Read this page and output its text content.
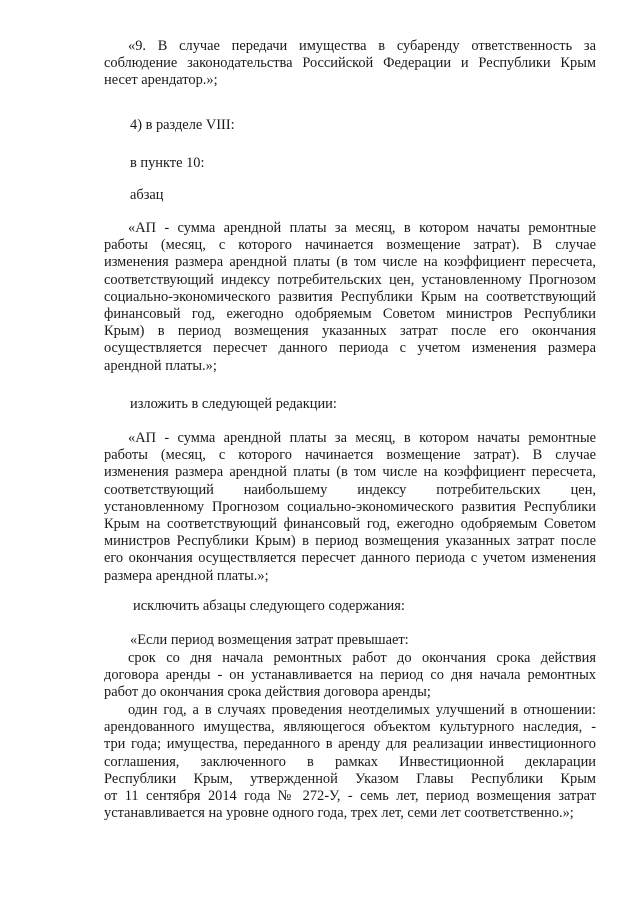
«9. В случае передачи имущества в субаренду ответственность за
соблюдение законодательства Российской Федерации и Республики Крым
несет арендатор.»;
4) в разделе VIII:
в пункте 10:
абзац
«АП - сумма арендной платы за месяц, в котором начаты ремонтные
работы (месяц, с которого начинается возмещение затрат). В случае
изменения размера арендной платы (в том числе на коэффициент пересчета,
соответствующий индексу потребительских цен, установленному Прогнозом
социально-экономического развития Республики Крым на соответствующий
финансовый год, ежегодно одобряемым Советом министров Республики
Крым) в период возмещения указанных затрат после его окончания
осуществляется пересчет данного периода с учетом изменения размера
арендной платы.»;
изложить в следующей редакции:
«АП - сумма арендной платы за месяц, в котором начаты ремонтные
работы (месяц, с которого начинается возмещение затрат). В случае
изменения размера арендной платы (в том числе на коэффициент пересчета,
соответствующий наибольшему индексу потребительских цен,
установленному Прогнозом социально-экономического развития Республики
Крым на соответствующий финансовый год, ежегодно одобряемым Советом
министров Республики Крым) в период возмещения указанных затрат после
его окончания осуществляется пересчет данного периода с учетом изменения
размера арендной платы.»;
исключить абзацы следующего содержания:
«Если период возмещения затрат превышает:
срок со дня начала ремонтных работ до окончания срока действия
договора аренды - он устанавливается на период со дня начала ремонтных
работ до окончания срока действия договора аренды;
один год, а в случаях проведения неотделимых улучшений в отношении:
арендованного имущества, являющегося объектом культурного наследия, -
три года; имущества, переданного в аренду для реализации инвестиционного
соглашения, заключенного в рамках Инвестиционной декларации
Республики Крым, утвержденной Указом Главы Республики Крым
от 11 сентября 2014 года № 272-У, - семь лет, период возмещения затрат
устанавливается на уровне одного года, трех лет, семи лет соответственно.»;
